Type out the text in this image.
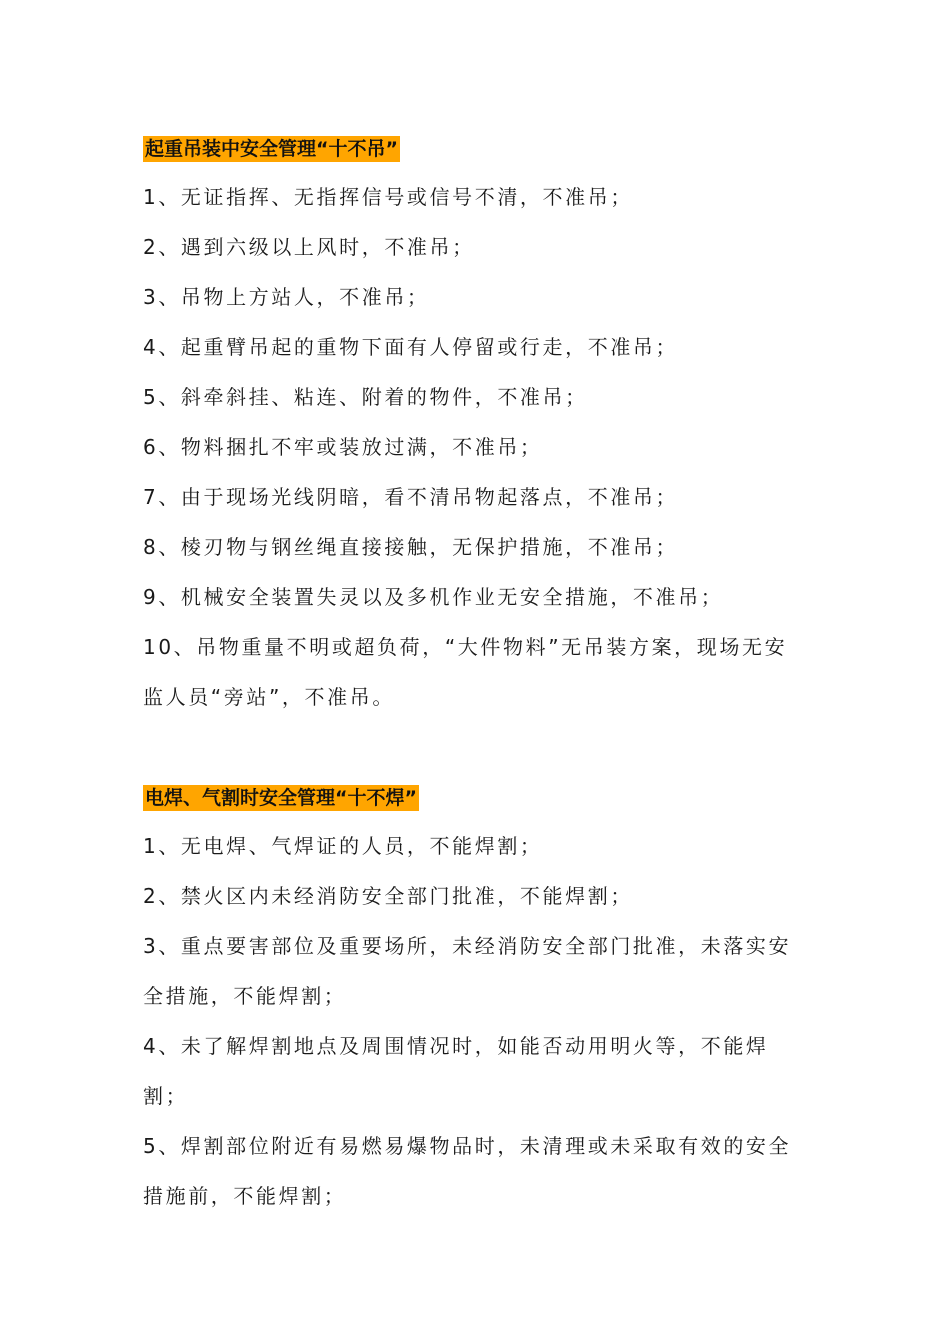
起重吊装中安全管理“十不吊”
1、无证指挥、无指挥信号或信号不清，不准吊；
2、遇到六级以上风时，不准吊；
3、吊物上方站人，不准吊；
4、起重臂吊起的重物下面有人停留或行走，不准吊；
5、斜牵斜挂、粘连、附着的物件，不准吊；
6、物料捆扎不牢或装放过满，不准吊；
7、由于现场光线阴暗，看不清吊物起落点，不准吊；
8、棱刃物与钢丝绳直接接触，无保护措施，不准吊；
9、机械安全装置失灵以及多机作业无安全措施，不准吊；
10、吊物重量不明或超负荷，“大件物料”无吊装方案，现场无安监人员“旁站”，不准吊。
电焊、气割时安全管理“十不焊”
1、无电焊、气焊证的人员，不能焊割；
2、禁火区内未经消防安全部门批准，不能焊割；
3、重点要害部位及重要场所，未经消防安全部门批准，未落实安全措施，不能焊割；
4、未了解焊割地点及周围情况时，如能否动用明火等，不能焊割；
5、焊割部位附近有易燃易爆物品时，未清理或未采取有效的安全措施前，不能焊割；
